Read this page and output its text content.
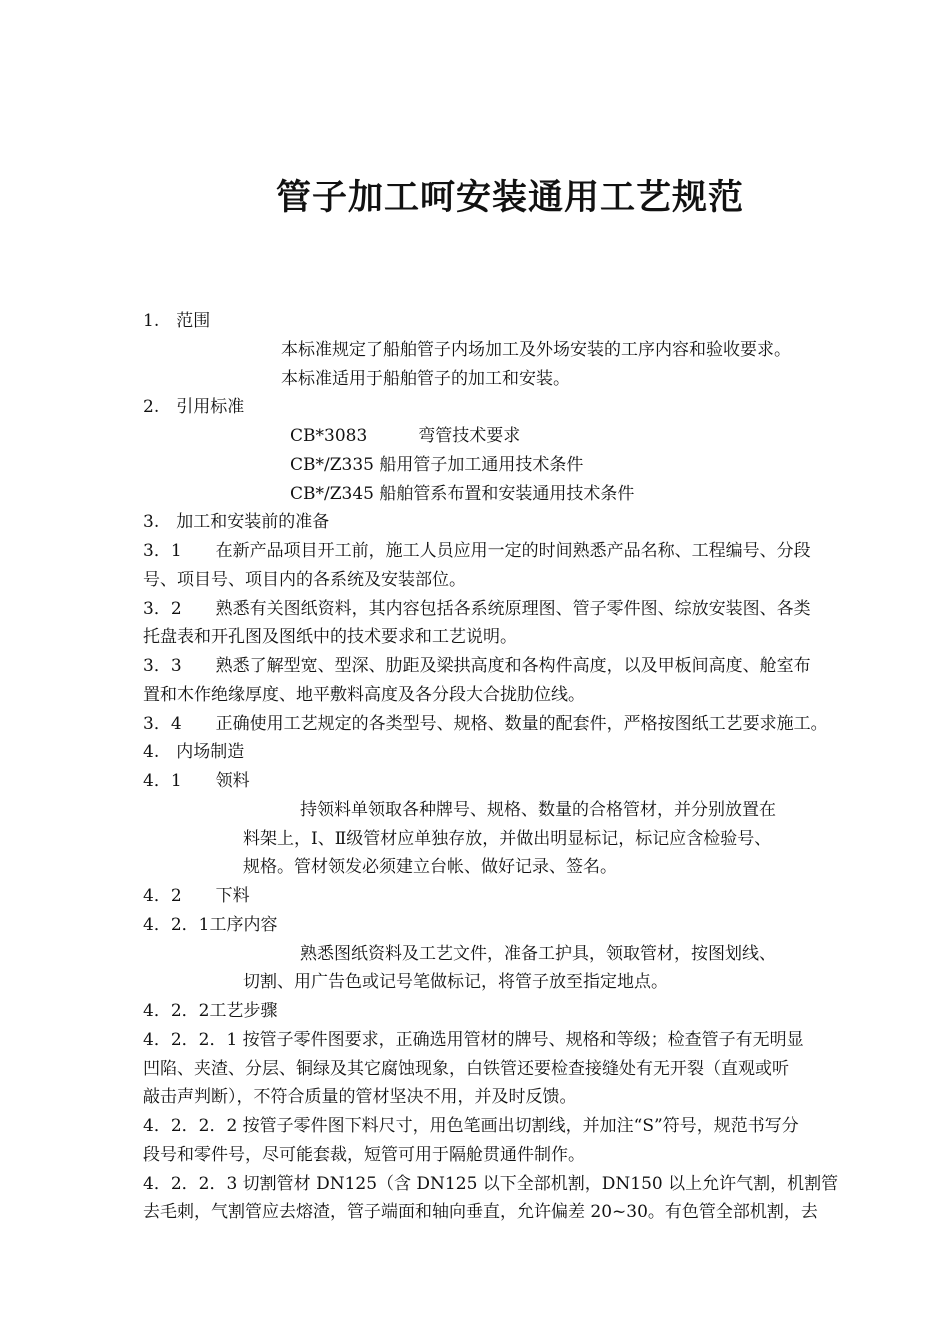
管子加工呵安装通用工艺规范
1.　范围
本标准规定了船舶管子内场加工及外场安装的工序内容和验收要求。
本标准适用于船舶管子的加工和安装。
2.　引用标准
CB*3083　　　弯管技术要求
CB*/Z335 船用管子加工通用技术条件
CB*/Z345 船舶管系布置和安装通用技术条件
3.　加工和安装前的准备
3．1　　在新产品项目开工前，施工人员应用一定的时间熟悉产品名称、工程编号、分段
号、项目号、项目内的各系统及安装部位。
3．2　　熟悉有关图纸资料，其内容包括各系统原理图、管子零件图、综放安装图、各类
托盘表和开孔图及图纸中的技术要求和工艺说明。
3．3　　熟悉了解型宽、型深、肋距及梁拱高度和各构件高度，以及甲板间高度、舱室布
置和木作绝缘厚度、地平敷料高度及各分段大合拢肋位线。
3．4　　正确使用工艺规定的各类型号、规格、数量的配套件，严格按图纸工艺要求施工。
4.　内场制造
4．1　　领料
持领料单领取各种牌号、规格、数量的合格管材，并分别放置在
料架上，Ⅰ、Ⅱ级管材应单独存放，并做出明显标记，标记应含检验号、
规格。管材领发必须建立台帐、做好记录、签名。
4．2　　下料
4．2．1工序内容
熟悉图纸资料及工艺文件，准备工护具，领取管材，按图划线、
切割、用广告色或记号笔做标记，将管子放至指定地点。
4．2．2工艺步骤
4．2．2．1 按管子零件图要求，正确选用管材的牌号、规格和等级；检查管子有无明显
凹陷、夹渣、分层、铜绿及其它腐蚀现象，白铁管还要检查接缝处有无开裂（直观或听
敲击声判断），不符合质量的管材坚决不用，并及时反馈。
4．2．2．2 按管子零件图下料尺寸，用色笔画出切割线，并加注“S”符号，规范书写分
段号和零件号，尽可能套裁，短管可用于隔舱贯通件制作。
4．2．2．3 切割管材 DN125（含 DN125 以下全部机割，DN150 以上允许气割，机割管
去毛刺，气割管应去熔渣，管子端面和轴向垂直，允许偏差 20~30。有色管全部机割，去
